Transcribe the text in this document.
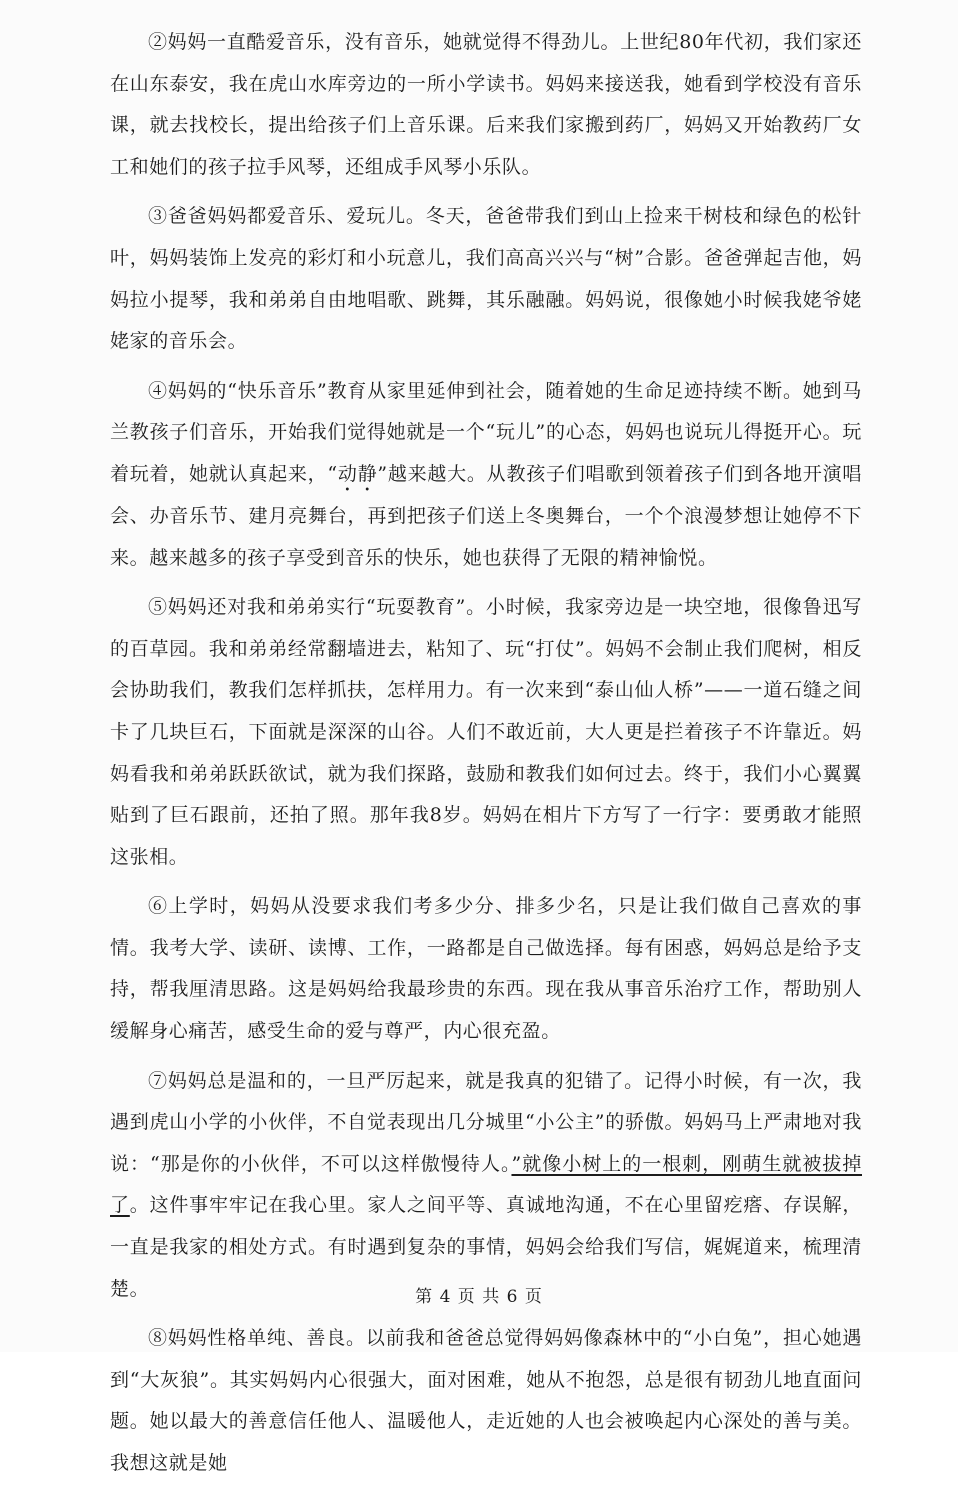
②妈妈一直酷爱音乐，没有音乐，她就觉得不得劲儿。上世纪80年代初，我们家还在山东泰安，我在虎山水库旁边的一所小学读书。妈妈来接送我，她看到学校没有音乐课，就去找校长，提出给孩子们上音乐课。后来我们家搬到药厂，妈妈又开始教药厂女工和她们的孩子拉手风琴，还组成手风琴小乐队。

③爸爸妈妈都爱音乐、爱玩儿。冬天，爸爸带我们到山上捡来干树枝和绿色的松针叶，妈妈装饰上发亮的彩灯和小玩意儿，我们高高兴兴与“树”合影。爸爸弹起吉他，妈妈拉小提琴，我和弟弟自由地唱歌、跳舞，其乐融融。妈妈说，很像她小时候我姥爷姥姥家的音乐会。

④妈妈的“快乐音乐”教育从家里延伸到社会，随着她的生命足迹持续不断。她到马兰教孩子们音乐，开始我们觉得她就是一个“玩儿”的心态，妈妈也说玩儿得挺开心。玩着玩着，她就认真起来，“动静”越来越大。从教孩子们唱歌到领着孩子们到各地开演唱会、办音乐节、建月亮舞台，再到把孩子们送上冬奥舞台，一个个浪漫梦想让她停不下来。越来越多的孩子享受到音乐的快乐，她也获得了无限的精神愉悦。

⑤妈妈还对我和弟弟实行“玩耍教育”。小时候，我家旁边是一块空地，很像鲁迅写的百草园。我和弟弟经常翻墙进去，粘知了、玩“打仗”。妈妈不会制止我们爬树，相反会协助我们，教我们怎样抓扶，怎样用力。有一次来到“泰山仙人桥”——一道石缝之间卡了几块巨石，下面就是深深的山谷。人们不敢近前，大人更是拦着孩子不许靠近。妈妈看我和弟弟跃跃欲试，就为我们探路，鼓励和教我们如何过去。终于，我们小心翼翼贴到了巨石跟前，还拍了照。那年我8岁。妈妈在相片下方写了一行字：要勇敢才能照这张相。

⑥上学时，妈妈从没要求我们考多少分、排多少名，只是让我们做自己喜欢的事情。我考大学、读研、读博、工作，一路都是自己做选择。每有困惑，妈妈总是给予支持，帮我厘清思路。这是妈妈给我最珍贵的东西。现在我从事音乐治疗工作，帮助别人缓解身心痛苦，感受生命的爱与尊严，内心很充盈。

⑦妈妈总是温和的，一旦严厉起来，就是我真的犯错了。记得小时候，有一次，我遇到虎山小学的小伙伴，不自觉表现出几分城里“小公主”的骄傲。妈妈马上严肃地对我说：“那是你的小伙伴，不可以这样傲慢待人。”就像小树上的一根刺，刚萌生就被拔掉了。这件事牢牢记在我心里。家人之间平等、真诚地沟通，不在心里留疙瘩、存误解，一直是我家的相处方式。有时遇到复杂的事情，妈妈会给我们写信，娓娓道来，梳理清楚。

⑧妈妈性格单纯、善良。以前我和爸爸总觉得妈妈像森林中的“小白兔”，担心她遇到“大灰狼”。其实妈妈内心很强大，面对困难，她从不抱怨，总是很有韧劲儿地直面问题。她以最大的善意信任他人、温暖他人，走近她的人也会被唤起内心深处的善与美。我想这就是她

第 4 页 共 6 页
